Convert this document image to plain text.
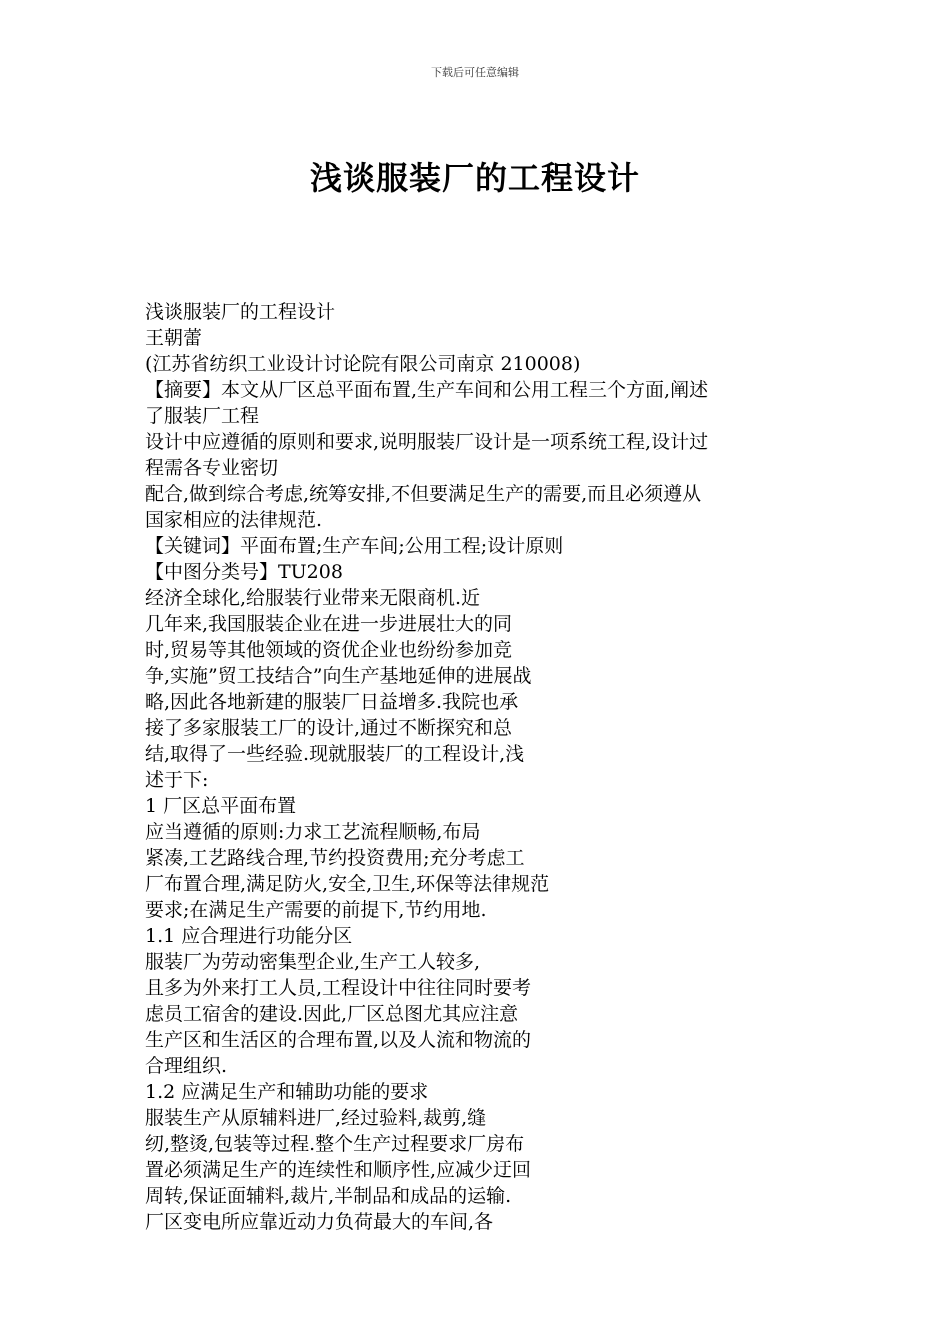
下载后可任意编辑
浅谈服装厂的工程设计
浅谈服装厂的工程设计
王朝蕾
(江苏省纺织工业设计讨论院有限公司南京 210008)
【摘要】本文从厂区总平面布置,生产车间和公用工程三个方面,阐述
了服装厂工程
设计中应遵循的原则和要求,说明服装厂设计是一项系统工程,设计过
程需各专业密切
配合,做到综合考虑,统筹安排,不但要满足生产的需要,而且必须遵从
国家相应的法律规范.
【关键词】平面布置;生产车间;公用工程;设计原则
【中图分类号】TU208
经济全球化,给服装行业带来无限商机.近
几年来,我国服装企业在进一步进展壮大的同
时,贸易等其他领域的资优企业也纷纷参加竞
争,实施”贸工技结合”向生产基地延伸的进展战
略,因此各地新建的服装厂日益增多.我院也承
接了多家服装工厂的设计,通过不断探究和总
结,取得了一些经验.现就服装厂的工程设计,浅
述于下:
1 厂区总平面布置
应当遵循的原则:力求工艺流程顺畅,布局
紧凑,工艺路线合理,节约投资费用;充分考虑工
厂布置合理,满足防火,安全,卫生,环保等法律规范
要求;在满足生产需要的前提下,节约用地.
1.1 应合理进行功能分区
服装厂为劳动密集型企业,生产工人较多,
且多为外来打工人员,工程设计中往往同时要考
虑员工宿舍的建设.因此,厂区总图尤其应注意
生产区和生活区的合理布置,以及人流和物流的
合理组织.
1.2 应满足生产和辅助功能的要求
服装生产从原辅料进厂,经过验料,裁剪,缝
纫,整烫,包装等过程.整个生产过程要求厂房布
置必须满足生产的连续性和顺序性,应减少迂回
周转,保证面辅料,裁片,半制品和成品的运输.
厂区变电所应靠近动力负荷最大的车间,各
